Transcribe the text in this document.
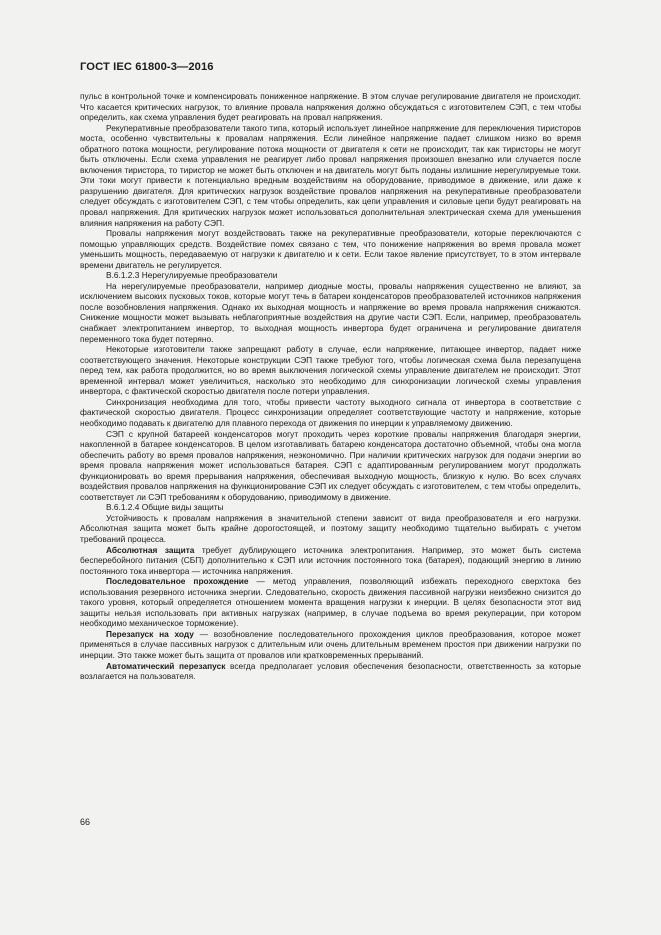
ГОСТ IEC 61800-3—2016

пульс в контрольной точке и компенсировать пониженное напряжение. В этом случае регулирование двигателя не происходит. Что касается критических нагрузок, то влияние провала напряжения должно обсуждаться с изготовителем СЭП, с тем чтобы определить, как схема управления будет реагировать на провал напряжения.

Рекуперативные преобразователи такого типа, который использует линейное напряжение для переключения тиристоров моста, особенно чувствительны к провалам напряжения. Если линейное напряжение падает слишком низко во время обратного потока мощности, регулирование потока мощности от двигателя к сети не происходит, так как тиристоры не могут быть отключены. Если схема управления не реагирует либо провал напряжения произошел внезапно или случается после включения тиристора, то тиристор не может быть отключен и на двигатель могут быть поданы излишние нерегулируемые токи. Эти токи могут привести к потенциально вредным воздействиям на оборудование, приводимое в движение, или даже к разрушению двигателя. Для критических нагрузок воздействие провалов напряжения на рекуперативные преобразователи следует обсуждать с изготовителем СЭП, с тем чтобы определить, как цепи управления и силовые цепи будут реагировать на провал напряжения. Для критических нагрузок может использоваться дополнительная электрическая схема для уменьшения влияния напряжения на работу СЭП.

Провалы напряжения могут воздействовать также на рекуперативные преобразователи, которые переключаются с помощью управляющих средств. Воздействие помех связано с тем, что понижение напряжения во время провала может уменьшить мощность, передаваемую от нагрузки к двигателю и к сети. Если такое явление присутствует, то в этом интервале времени двигатель не регулируется.

B.6.1.2.3 Нерегулируемые преобразователи

На нерегулируемые преобразователи, например диодные мосты, провалы напряжения существенно не влияют, за исключением высоких пусковых токов, которые могут течь в батареи конденсаторов преобразователей источников напряжения после возобновления напряжения. Однако их выходная мощность и напряжение во время провала напряжения снижаются. Снижение мощности может вызывать неблагоприятные воздействия на другие части СЭП. Если, например, преобразователь снабжает электропитанием инвертор, то выходная мощность инвертора будет ограничена и регулирование двигателя переменного тока будет потеряно.

Некоторые изготовители также запрещают работу в случае, если напряжение, питающее инвертор, падает ниже соответствующего значения. Некоторые конструкции СЭП также требуют того, чтобы логическая схема была перезапущена перед тем, как работа продолжится, но во время выключения логической схемы управление двигателем не происходит. Этот временной интервал может увеличиться, насколько это необходимо для синхронизации логической схемы управления инвертора, с фактической скоростью двигателя после потери управления.

Синхронизация необходима для того, чтобы привести частоту выходного сигнала от инвертора в соответствие с фактической скоростью двигателя. Процесс синхронизации определяет соответствующие частоту и напряжение, которые необходимо подавать к двигателю для плавного перехода от движения по инерции к управляемому движению.

СЭП с крупной батареей конденсаторов могут проходить через короткие провалы напряжения благодаря энергии, накопленной в батарее конденсаторов. В целом изготавливать батарею конденсатора достаточно объемной, чтобы она могла обеспечить работу во время провалов напряжения, неэкономично. При наличии критических нагрузок для подачи энергии во время провала напряжения может использоваться батарея. СЭП с адаптированным регулированием могут продолжать функционировать во время прерывания напряжения, обеспечивая выходную мощность, близкую к нулю. Во всех случаях воздействия провалов напряжения на функционирование СЭП их следует обсуждать с изготовителем, с тем чтобы определить, соответствует ли СЭП требованиям к оборудованию, приводимому в движение.

B.6.1.2.4 Общие виды защиты

Устойчивость к провалам напряжения в значительной степени зависит от вида преобразователя и его нагрузки. Абсолютная защита может быть крайне дорогостоящей, и поэтому защиту необходимо тщательно выбирать с учетом требований процесса.

Абсолютная защита требует дублирующего источника электропитания. Например, это может быть система бесперебойного питания (СБП) дополнительно к СЭП или источник постоянного тока (батарея), подающий энергию в линию постоянного тока инвертора — источника напряжения.

Последовательное прохождение — метод управления, позволяющий избежать переходного сверхтока без использования резервного источника энергии. Следовательно, скорость движения пассивной нагрузки неизбежно снизится до такого уровня, который определяется отношением момента вращения нагрузки к инерции. В целях безопасности этот вид защиты нельзя использовать при активных нагрузках (например, в случае подъема во время рекуперации, при котором необходимо механическое торможение).

Перезапуск на ходу — возобновление последовательного прохождения циклов преобразования, которое может применяться в случае пассивных нагрузок с длительным или очень длительным временем простоя при движении нагрузки по инерции. Это также может быть защита от провалов или кратковременных прерываний.

Автоматический перезапуск всегда предполагает условия обеспечения безопасности, ответственность за которые возлагается на пользователя.

66
